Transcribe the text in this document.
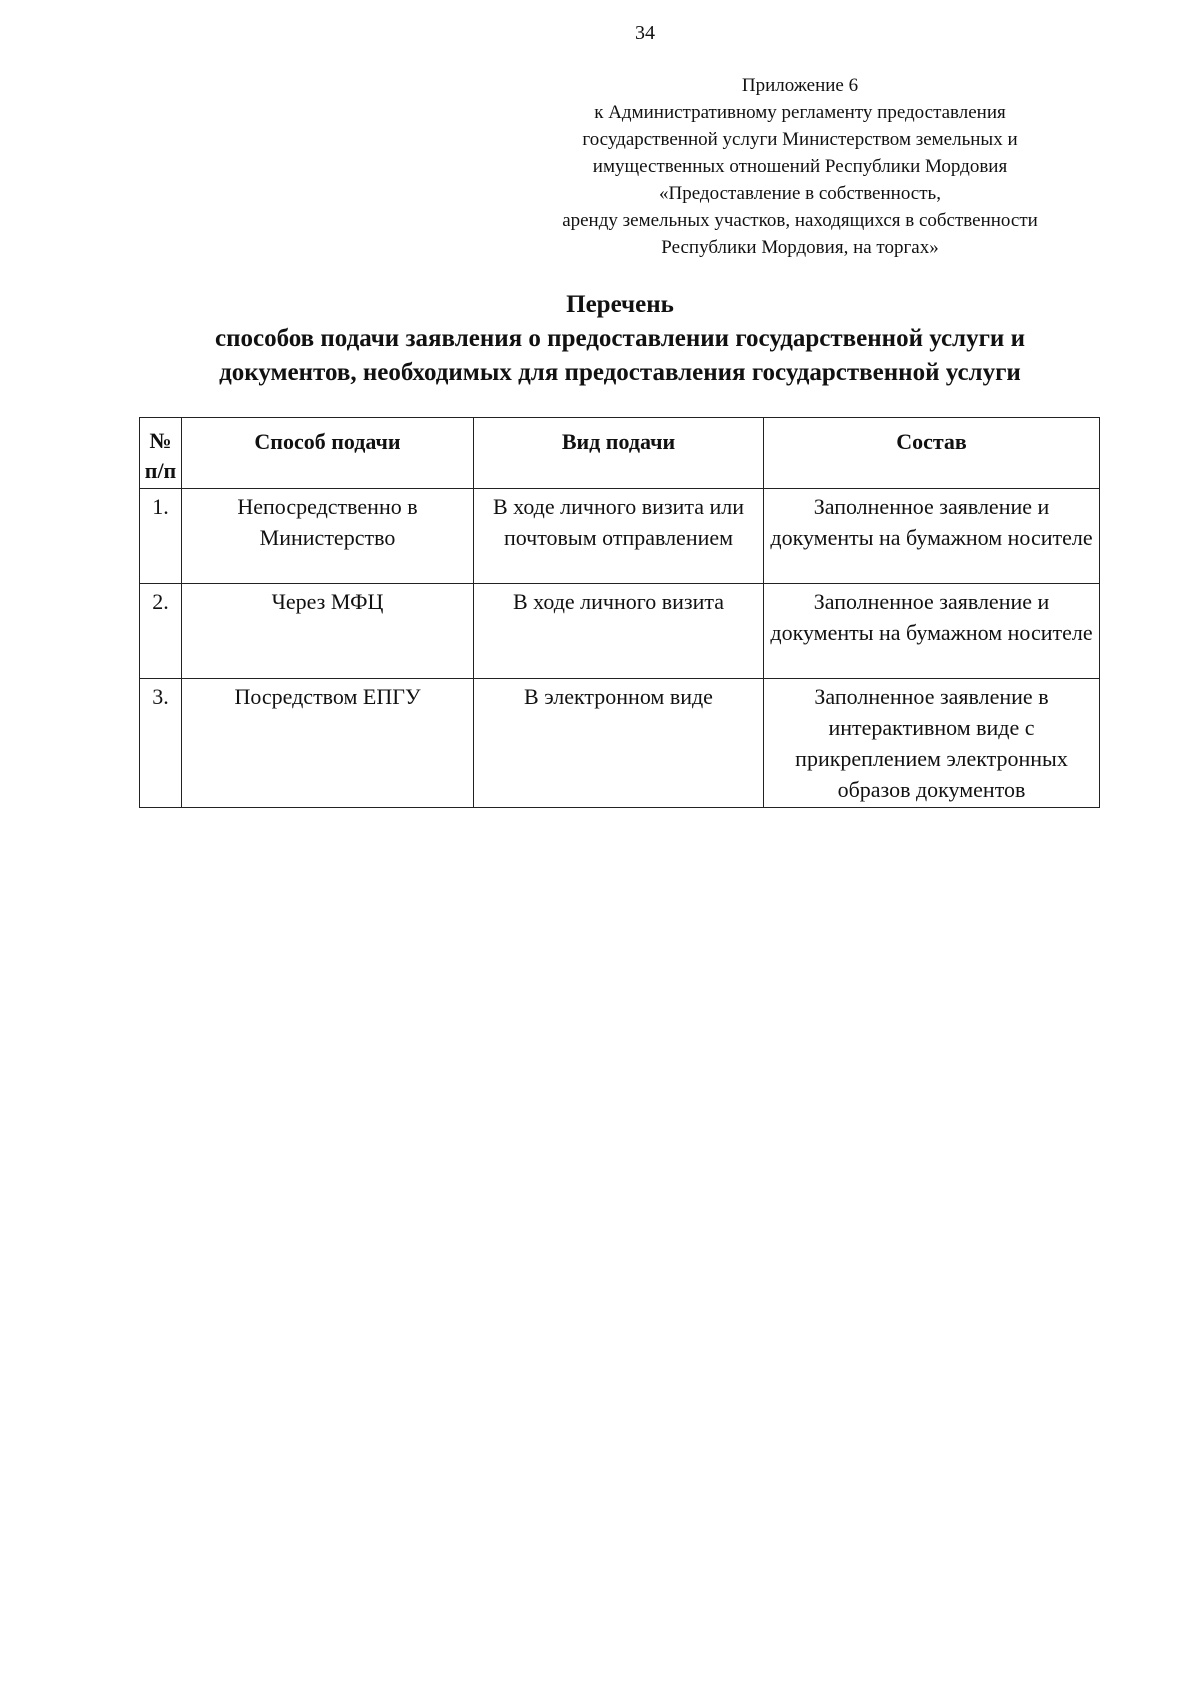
34
Приложение 6
к Административному регламенту предоставления
государственной услуги Министерством земельных и
имущественных отношений Республики Мордовия
«Предоставление в собственность,
аренду земельных участков, находящихся в собственности
Республики Мордовия, на торгах»
Перечень
способов подачи заявления о предоставлении государственной услуги и
документов, необходимых для предоставления государственной услуги
№ п/п	Способ подачи	Вид подачи	Состав
1.	Непосредственно в Министерство	В ходе личного визита или почтовым отправлением	Заполненное заявление и документы на бумажном носителе
2.	Через МФЦ	В ходе личного визита	Заполненное заявление и документы на бумажном носителе
3.	Посредством ЕПГУ	В электронном виде	Заполненное заявление в интерактивном виде с прикреплением электронных образов документов
